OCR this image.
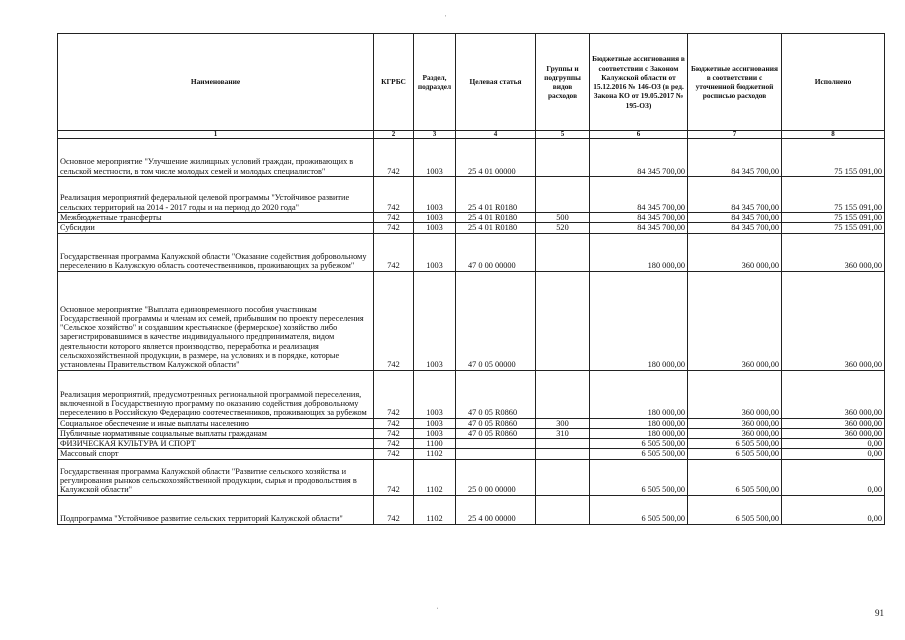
Наименование	КГРБС	Раздел, подраздел	Целевая статья	Группы и подгруппы видов расходов	Бюджетные ассигнования в соответствии с Законом Калужской области от 15.12.2016 № 146-ОЗ (в ред. Закона КО от 19.05.2017 № 195-ОЗ)	Бюджетные ассигнования в соответствии с уточненной бюджетной росписью расходов	Исполнено
1	2	3	4	5	6	7	8
Основное мероприятие "Улучшение жилищных условий граждан, проживающих в сельской местности, в том числе молодых семей и молодых специалистов"	742	1003	25 4 01 00000		84 345 700,00	84 345 700,00	75 155 091,00
Реализация мероприятий федеральной целевой программы "Устойчивое развитие сельских территорий на 2014 - 2017 годы и на период до 2020 года"	742	1003	25 4 01 R0180		84 345 700,00	84 345 700,00	75 155 091,00
Межбюджетные трансферты	742	1003	25 4 01 R0180	500	84 345 700,00	84 345 700,00	75 155 091,00
Субсидии	742	1003	25 4 01 R0180	520	84 345 700,00	84 345 700,00	75 155 091,00
Государственная программа Калужской области "Оказание содействия добровольному переселению в Калужскую область соотечественников, проживающих за рубежом"	742	1003	47 0 00 00000		180 000,00	360 000,00	360 000,00
Основное мероприятие "Выплата единовременного пособия участникам Государственной программы и членам их семей, прибывшим по проекту переселения "Сельское хозяйство" и создавшим крестьянское (фермерское) хозяйство либо зарегистрировавшимся в качестве индивидуального предпринимателя, видом деятельности которого является производство, переработка и реализация сельскохозяйственной продукции, в размере, на условиях и в порядке, которые установлены Правительством Калужской области"	742	1003	47 0 05 00000		180 000,00	360 000,00	360 000,00
Реализация мероприятий, предусмотренных региональной программой переселения, включенной в Государственную программу по оказанию содействия добровольному переселению в Российскую Федерацию соотечественников, проживающих за рубежом	742	1003	47 0 05 R0860		180 000,00	360 000,00	360 000,00
Социальное обеспечение и иные выплаты населению	742	1003	47 0 05 R0860	300	180 000,00	360 000,00	360 000,00
Публичные нормативные социальные выплаты гражданам	742	1003	47 0 05 R0860	310	180 000,00	360 000,00	360 000,00
ФИЗИЧЕСКАЯ КУЛЬТУРА И СПОРТ	742	1100			6 505 500,00	6 505 500,00	0,00
Массовый спорт	742	1102			6 505 500,00	6 505 500,00	0,00
Государственная программа Калужской области "Развитие сельского хозяйства и регулирования рынков сельскохозяйственной продукции, сырья и продовольствия в Калужской области"	742	1102	25 0 00 00000		6 505 500,00	6 505 500,00	0,00
Подпрограмма "Устойчивое развитие сельских территорий Калужской области"	742	1102	25 4 00 00000		6 505 500,00	6 505 500,00	0,00
91
ˈ
ˌ
